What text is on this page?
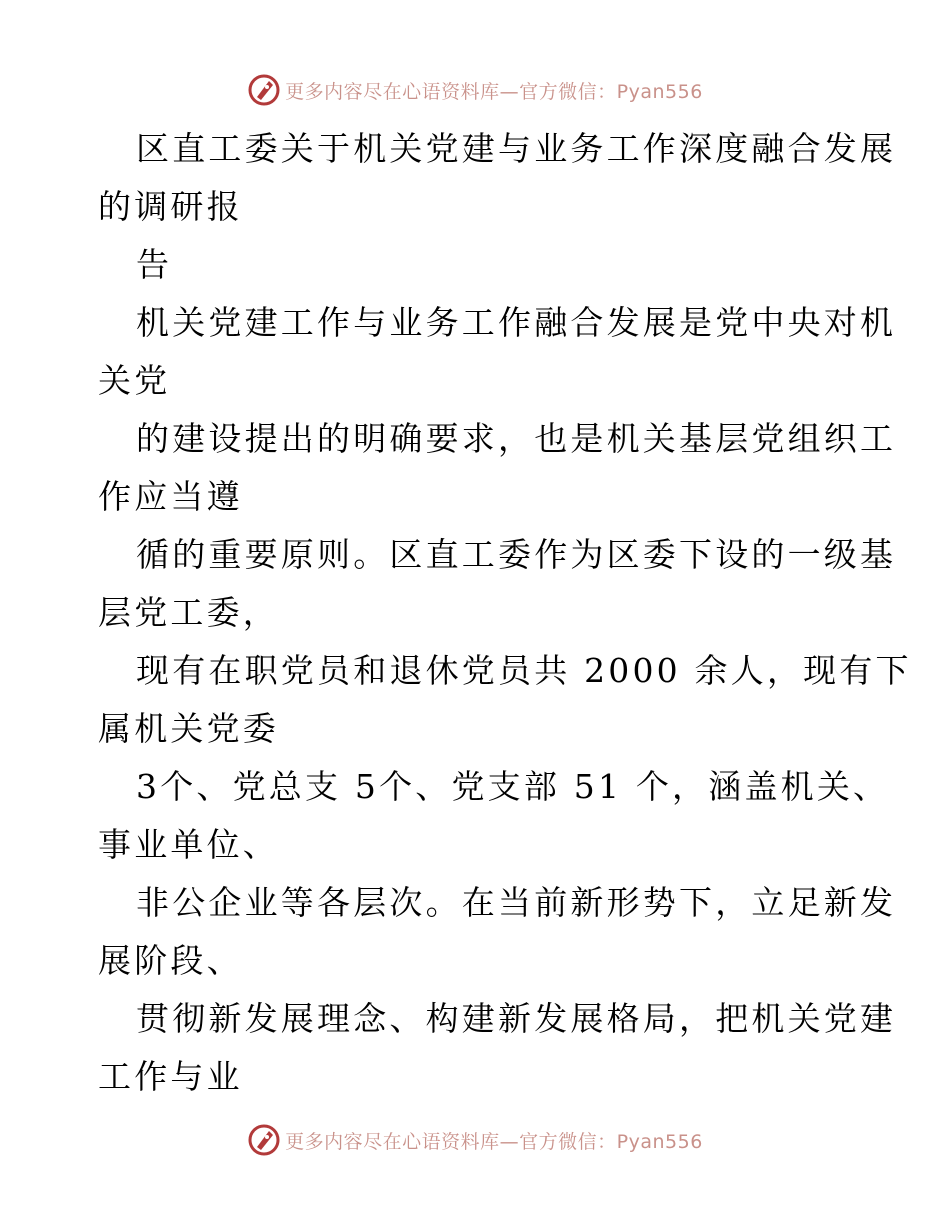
更多内容尽在心语资料库—官方微信：Pyan556
区直工委关于机关党建与业务工作深度融合发展
的调研报
告
机关党建工作与业务工作融合发展是党中央对机
关党
的建设提出的明确要求，也是机关基层党组织工
作应当遵
循的重要原则。区直工委作为区委下设的一级基
层党工委，
现有在职党员和退休党员共 2000 余人，现有下
属机关党委
3个、党总支 5个、党支部 51 个，涵盖机关、
事业单位、
非公企业等各层次。在当前新形势下，立足新发
展阶段、
贯彻新发展理念、构建新发展格局，把机关党建
工作与业
更多内容尽在心语资料库—官方微信：Pyan556
